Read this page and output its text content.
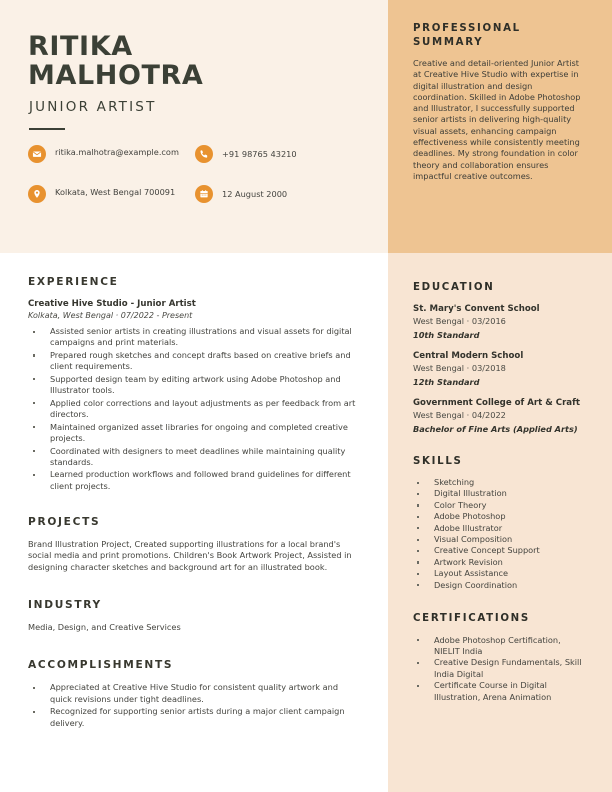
RITIKA
MALHOTRA
JUNIOR ARTIST
ritika.malhotra@example.com
Kolkata, West Bengal 700091
+91 98765 43210
12 August 2000
EXPERIENCE
Creative Hive Studio - Junior Artist
Kolkata, West Bengal · 07/2022 - Present
Assisted senior artists in creating illustrations and visual assets for digital campaigns and print materials.
Prepared rough sketches and concept drafts based on creative briefs and client requirements.
Supported design team by editing artwork using Adobe Photoshop and Illustrator tools.
Applied color corrections and layout adjustments as per feedback from art directors.
Maintained organized asset libraries for ongoing and completed creative projects.
Coordinated with designers to meet deadlines while maintaining quality standards.
Learned production workflows and followed brand guidelines for different client projects.
PROJECTS
Brand Illustration Project, Created supporting illustrations for a local brand's social media and print promotions. Children's Book Artwork Project, Assisted in designing character sketches and background art for an illustrated book.
INDUSTRY
Media, Design, and Creative Services
ACCOMPLISHMENTS
Appreciated at Creative Hive Studio for consistent quality artwork and quick revisions under tight deadlines.
Recognized for supporting senior artists during a major client campaign delivery.
PROFESSIONAL SUMMARY
Creative and detail-oriented Junior Artist at Creative Hive Studio with expertise in digital illustration and design coordination. Skilled in Adobe Photoshop and Illustrator, I successfully supported senior artists in delivering high-quality visual assets, enhancing campaign effectiveness while consistently meeting deadlines. My strong foundation in color theory and collaboration ensures impactful creative outcomes.
EDUCATION
St. Mary's Convent School
West Bengal · 03/2016
10th Standard
Central Modern School
West Bengal · 03/2018
12th Standard
Government College of Art & Craft
West Bengal · 04/2022
Bachelor of Fine Arts (Applied Arts)
SKILLS
Sketching
Digital Illustration
Color Theory
Adobe Photoshop
Adobe Illustrator
Visual Composition
Creative Concept Support
Artwork Revision
Layout Assistance
Design Coordination
CERTIFICATIONS
Adobe Photoshop Certification, NIELIT India
Creative Design Fundamentals, Skill India Digital
Certificate Course in Digital Illustration, Arena Animation
